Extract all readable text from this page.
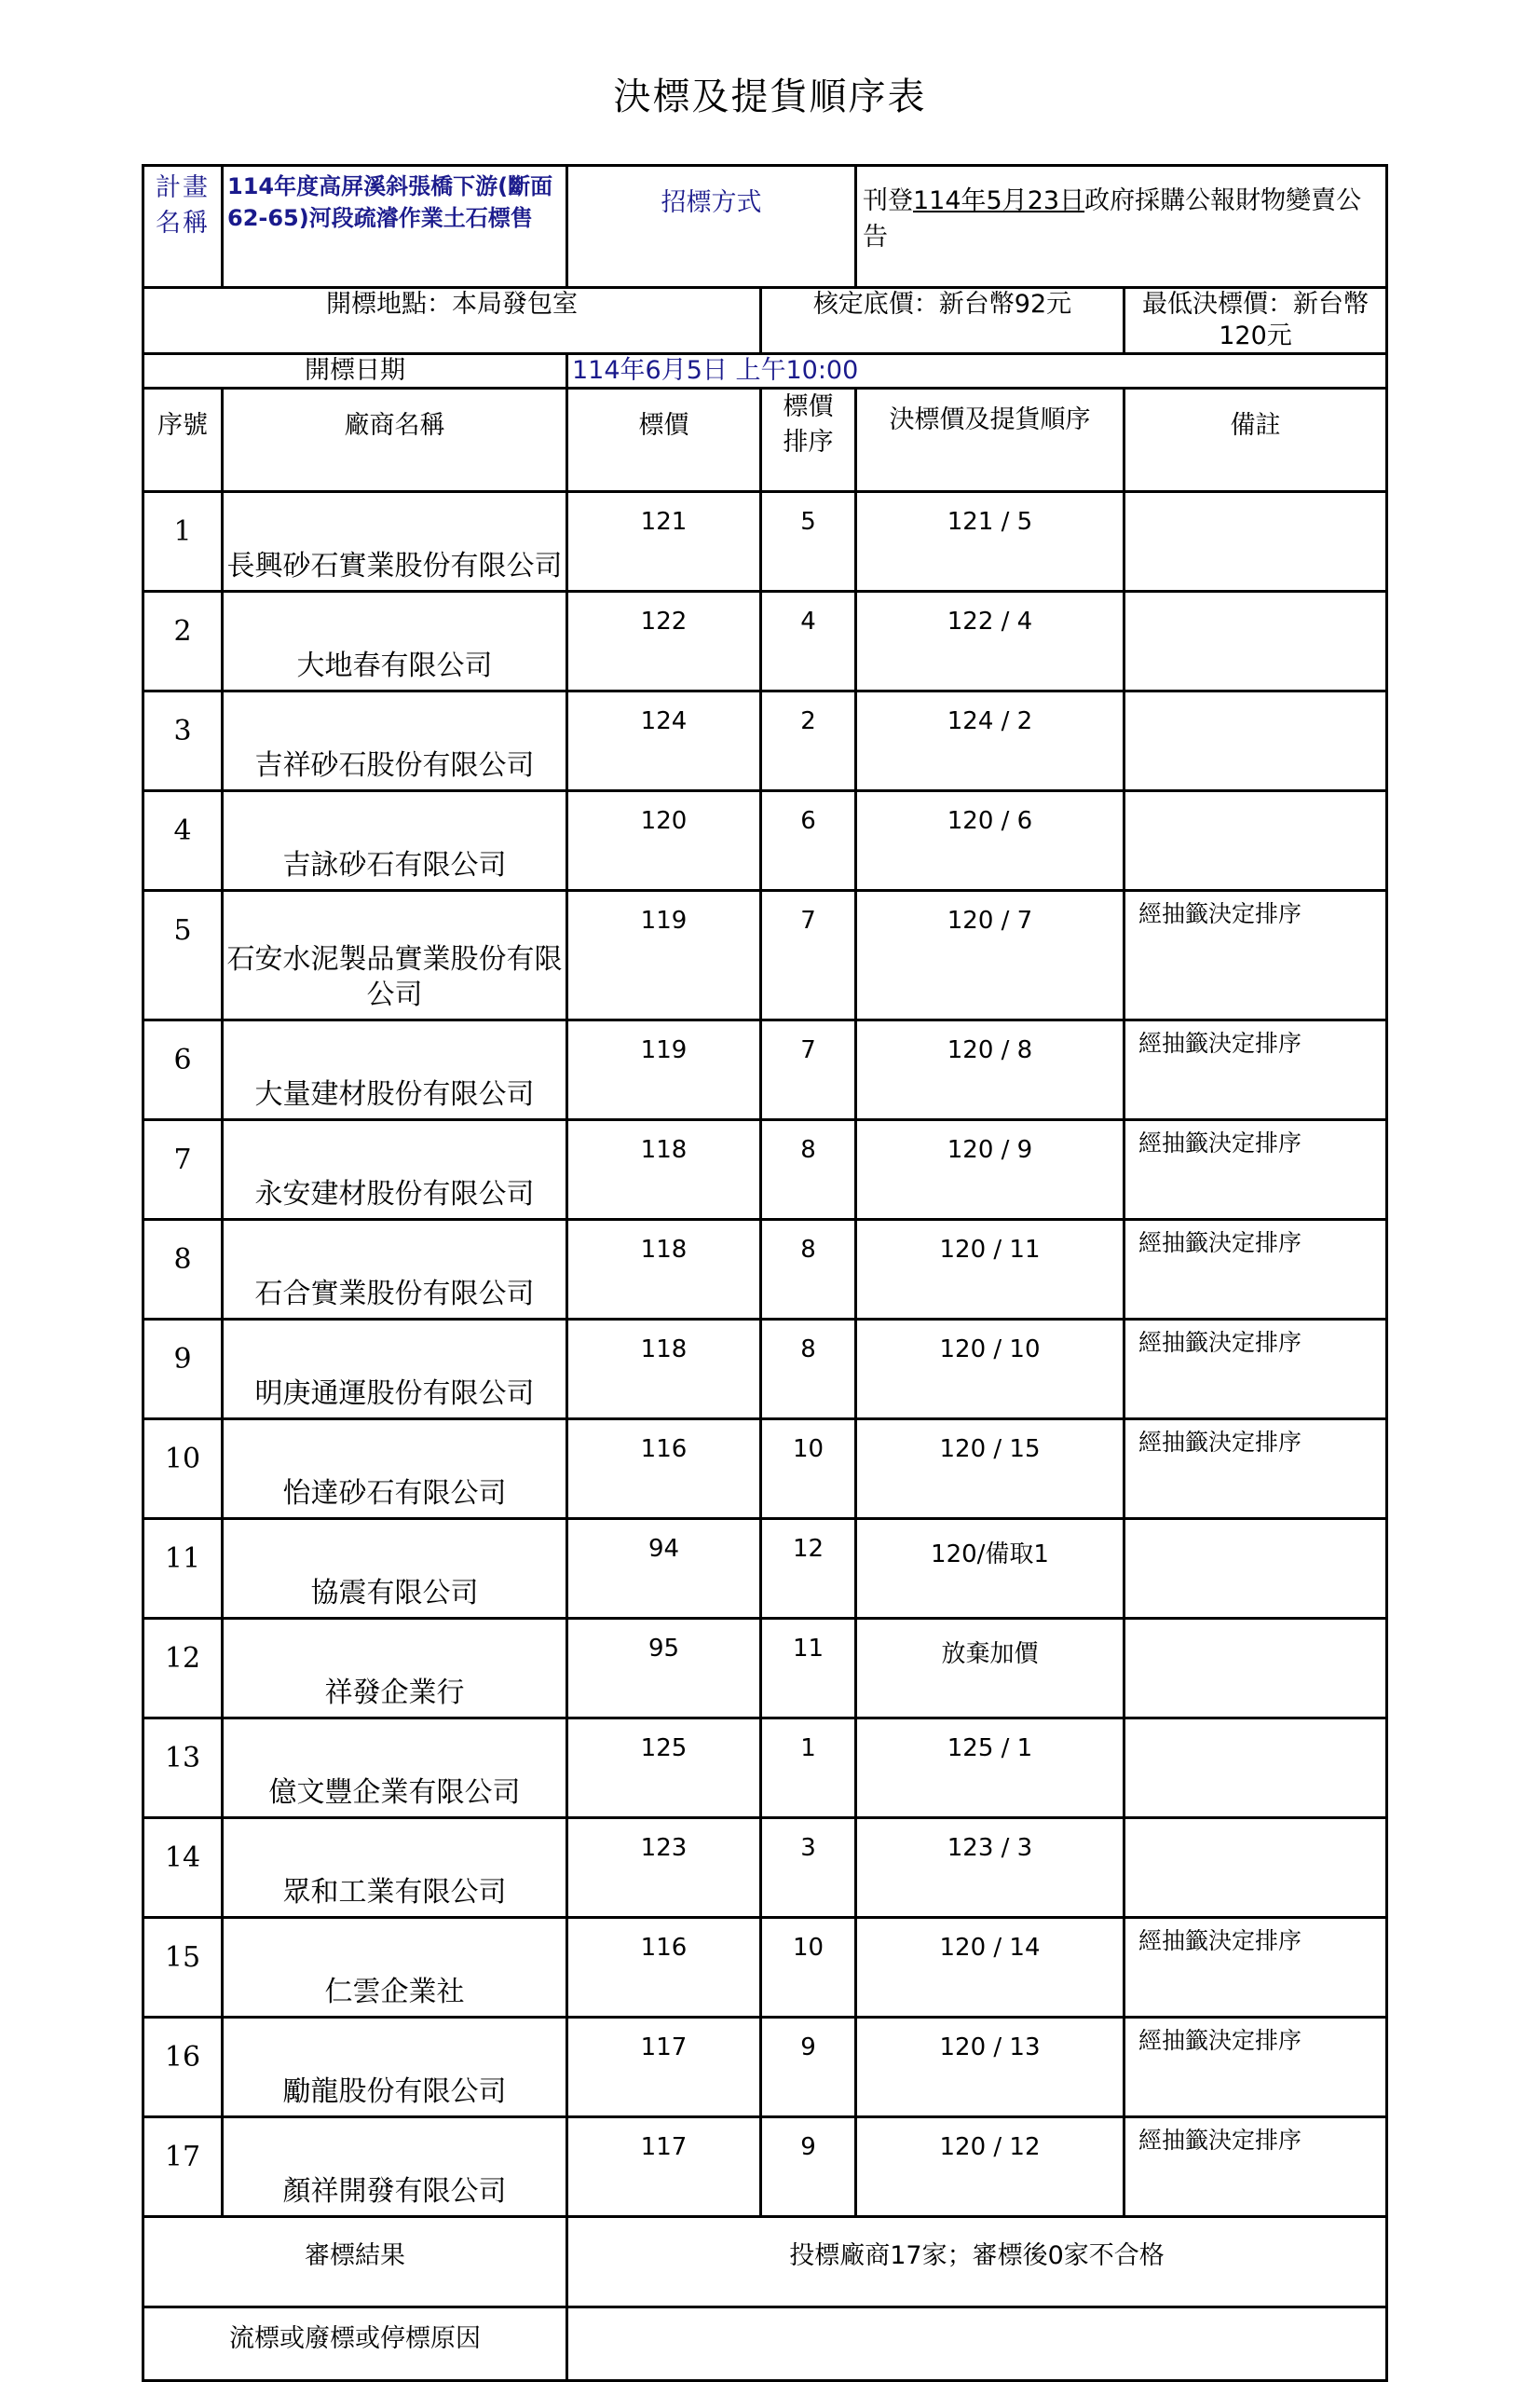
決標及提貨順序表
計畫名稱	114年度高屏溪斜張橋下游(斷面62-65)河段疏濬作業土石標售	招標方式		刊登114年5月23日政府採購公報財物變賣公告	
開標地點：本局發包室			核定底價：新台幣92元		最低決標價：新台幣120元
開標日期		114年6月5日 上午10:00			
序號	廠商名稱	標價	標價排序	決標價及提貨順序	備註
1	長興砂石實業股份有限公司	121	5	121 / 5	
2	大地春有限公司	122	4	122 / 4	
3	吉祥砂石股份有限公司	124	2	124 / 2	
4	吉詠砂石有限公司	120	6	120 / 6	
5	石安水泥製品實業股份有限公司	119	7	120 / 7	經抽籤決定排序
6	大量建材股份有限公司	119	7	120 / 8	經抽籤決定排序
7	永安建材股份有限公司	118	8	120 / 9	經抽籤決定排序
8	石合實業股份有限公司	118	8	120 / 11	經抽籤決定排序
9	明庚通運股份有限公司	118	8	120 / 10	經抽籤決定排序
10	怡達砂石有限公司	116	10	120 / 15	經抽籤決定排序
11	協震有限公司	94	12	120/備取1	
12	祥發企業行	95	11	放棄加價	
13	億文豐企業有限公司	125	1	125 / 1	
14	眾和工業有限公司	123	3	123 / 3	
15	仁雲企業社	116	10	120 / 14	經抽籤決定排序
16	勵龍股份有限公司	117	9	120 / 13	經抽籤決定排序
17	顏祥開發有限公司	117	9	120 / 12	經抽籤決定排序
審標結果		投標廠商17家；審標後0家不合格			
流標或廢標或停標原因					
